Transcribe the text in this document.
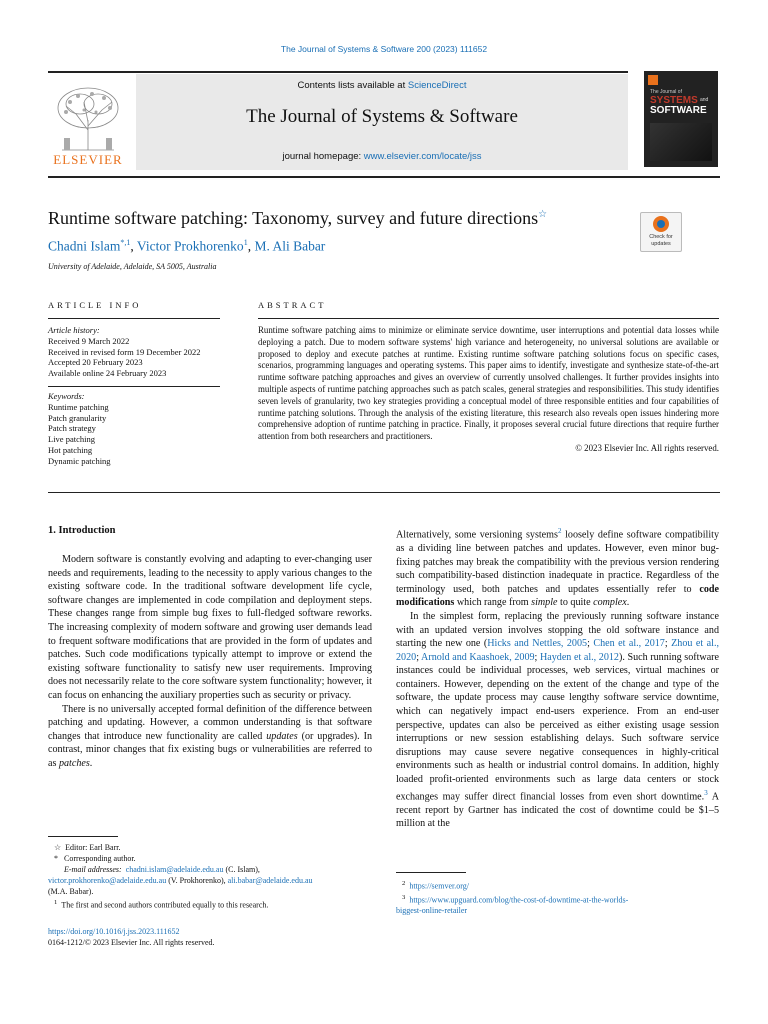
The Journal of Systems & Software 200 (2023) 111652
ELSEVIER
Contents lists available at ScienceDirect
The Journal of Systems & Software
journal homepage: www.elsevier.com/locate/jss
The Journal of
SYSTEMS and
SOFTWARE
Runtime software patching: Taxonomy, survey and future directions☆
Check for
updates
Chadni Islam$^{*,1}$, Victor Prokhorenko$^1$, M. Ali Babar
University of Adelaide, Adelaide, SA 5005, Australia
ARTICLE INFO
Article history:
Received 9 March 2022
Received in revised form 19 December 2022
Accepted 20 February 2023
Available online 24 February 2023
Keywords:
Runtime patching
Patch granularity
Patch strategy
Live patching
Hot patching
Dynamic patching
ABSTRACT
Runtime software patching aims to minimize or eliminate service downtime, user interruptions and potential data losses while deploying a patch. Due to modern software systems' high variance and heterogeneity, no universal solutions are available or proposed to deploy and execute patches at runtime. Existing runtime software patching solutions focus on specific cases, scenarios, programming languages and operating systems. This paper aims to identify, investigate and synthesize state-of-the-art runtime software patching approaches and gives an overview of currently unsolved challenges. It further provides insights into multiple aspects of runtime patching approaches such as patch scales, general strategies and responsibilities. This study identifies seven levels of granularity, two key strategies providing a conceptual model of three responsible entities and four capabilities of runtime patching solutions. Through the analysis of the existing literature, this research also reveals open issues hindering more comprehensive adoption of runtime patching in practice. Finally, it proposes several crucial future directions that require further attention from both researchers and practitioners.
© 2023 Elsevier Inc. All rights reserved.
1. Introduction

Modern software is constantly evolving and adapting to ever-changing user needs and requirements, leading to the necessity to apply various changes to the existing software code. In the traditional software development life cycle, software changes are implemented in code compilation and deployment steps. These changes range from simple bug fixes to full-fledged software reworks. The increasing complexity of modern software and growing user demands lead to frequent software modifications that are provided in the form of updates and patches. Such code modifications typically attempt to improve or extend the existing software functionality to satisfy new user requirements. Improving does not necessarily relate to the core software system functionality; however, it can focus on enhancing the auxiliary properties such as security or privacy.

There is no universally accepted formal definition of the difference between patching and updating. However, a common understanding is that software changes that introduce new functionality are called updates (or upgrades). In contrast, minor changes that fix existing bugs or vulnerabilities are referred to as patches.

☆ Editor: Earl Barr.
* Corresponding author.
E-mail addresses: chadni.islam@adelaide.edu.au (C. Islam),
victor.prokhorenko@adelaide.edu.au (V. Prokhorenko), ali.babar@adelaide.edu.au
(M.A. Babar).
$^1$ The first and second authors contributed equally to this research.
https://doi.org/10.1016/j.jss.2023.111652
0164-1212/© 2023 Elsevier Inc. All rights reserved.

Alternatively, some versioning systems$^2$ loosely define software compatibility as a dividing line between patches and updates. However, even minor bug-fixing patches may break the compatibility with the previous version rendering such compatibility-based distinction inadequate in practice. Regardless of the terminology used, both patches and updates essentially refer to code modifications which range from simple to quite complex.

In the simplest form, replacing the previously running software instance with an updated version involves stopping the old software instance and starting the new one (Hicks and Nettles, 2005; Chen et al., 2017; Zhou et al., 2020; Arnold and Kaashoek, 2009; Hayden et al., 2012). Such running software instances could be individual processes, web services, virtual machines or containers. However, depending on the extent of the change and type of the software, the update process may cause lengthy software service downtime, which can negatively impact end-users experience. From an end-user perspective, updates can also be perceived as either existing usage session interruptions or new session establishing delays. Such software service disruptions may cause severe negative consequences in highly-critical environments such as health or industrial control domains. In addition, highly loaded profit-oriented environments such as large data centers or stock exchanges may suffer direct financial losses from even short downtime.$^3$ A recent report by Gartner has indicated the cost of downtime could be $1–5 million at the

$^2$ https://semver.org/
$^3$ https://www.upguard.com/blog/the-cost-of-downtime-at-the-worlds-
biggest-online-retailer
